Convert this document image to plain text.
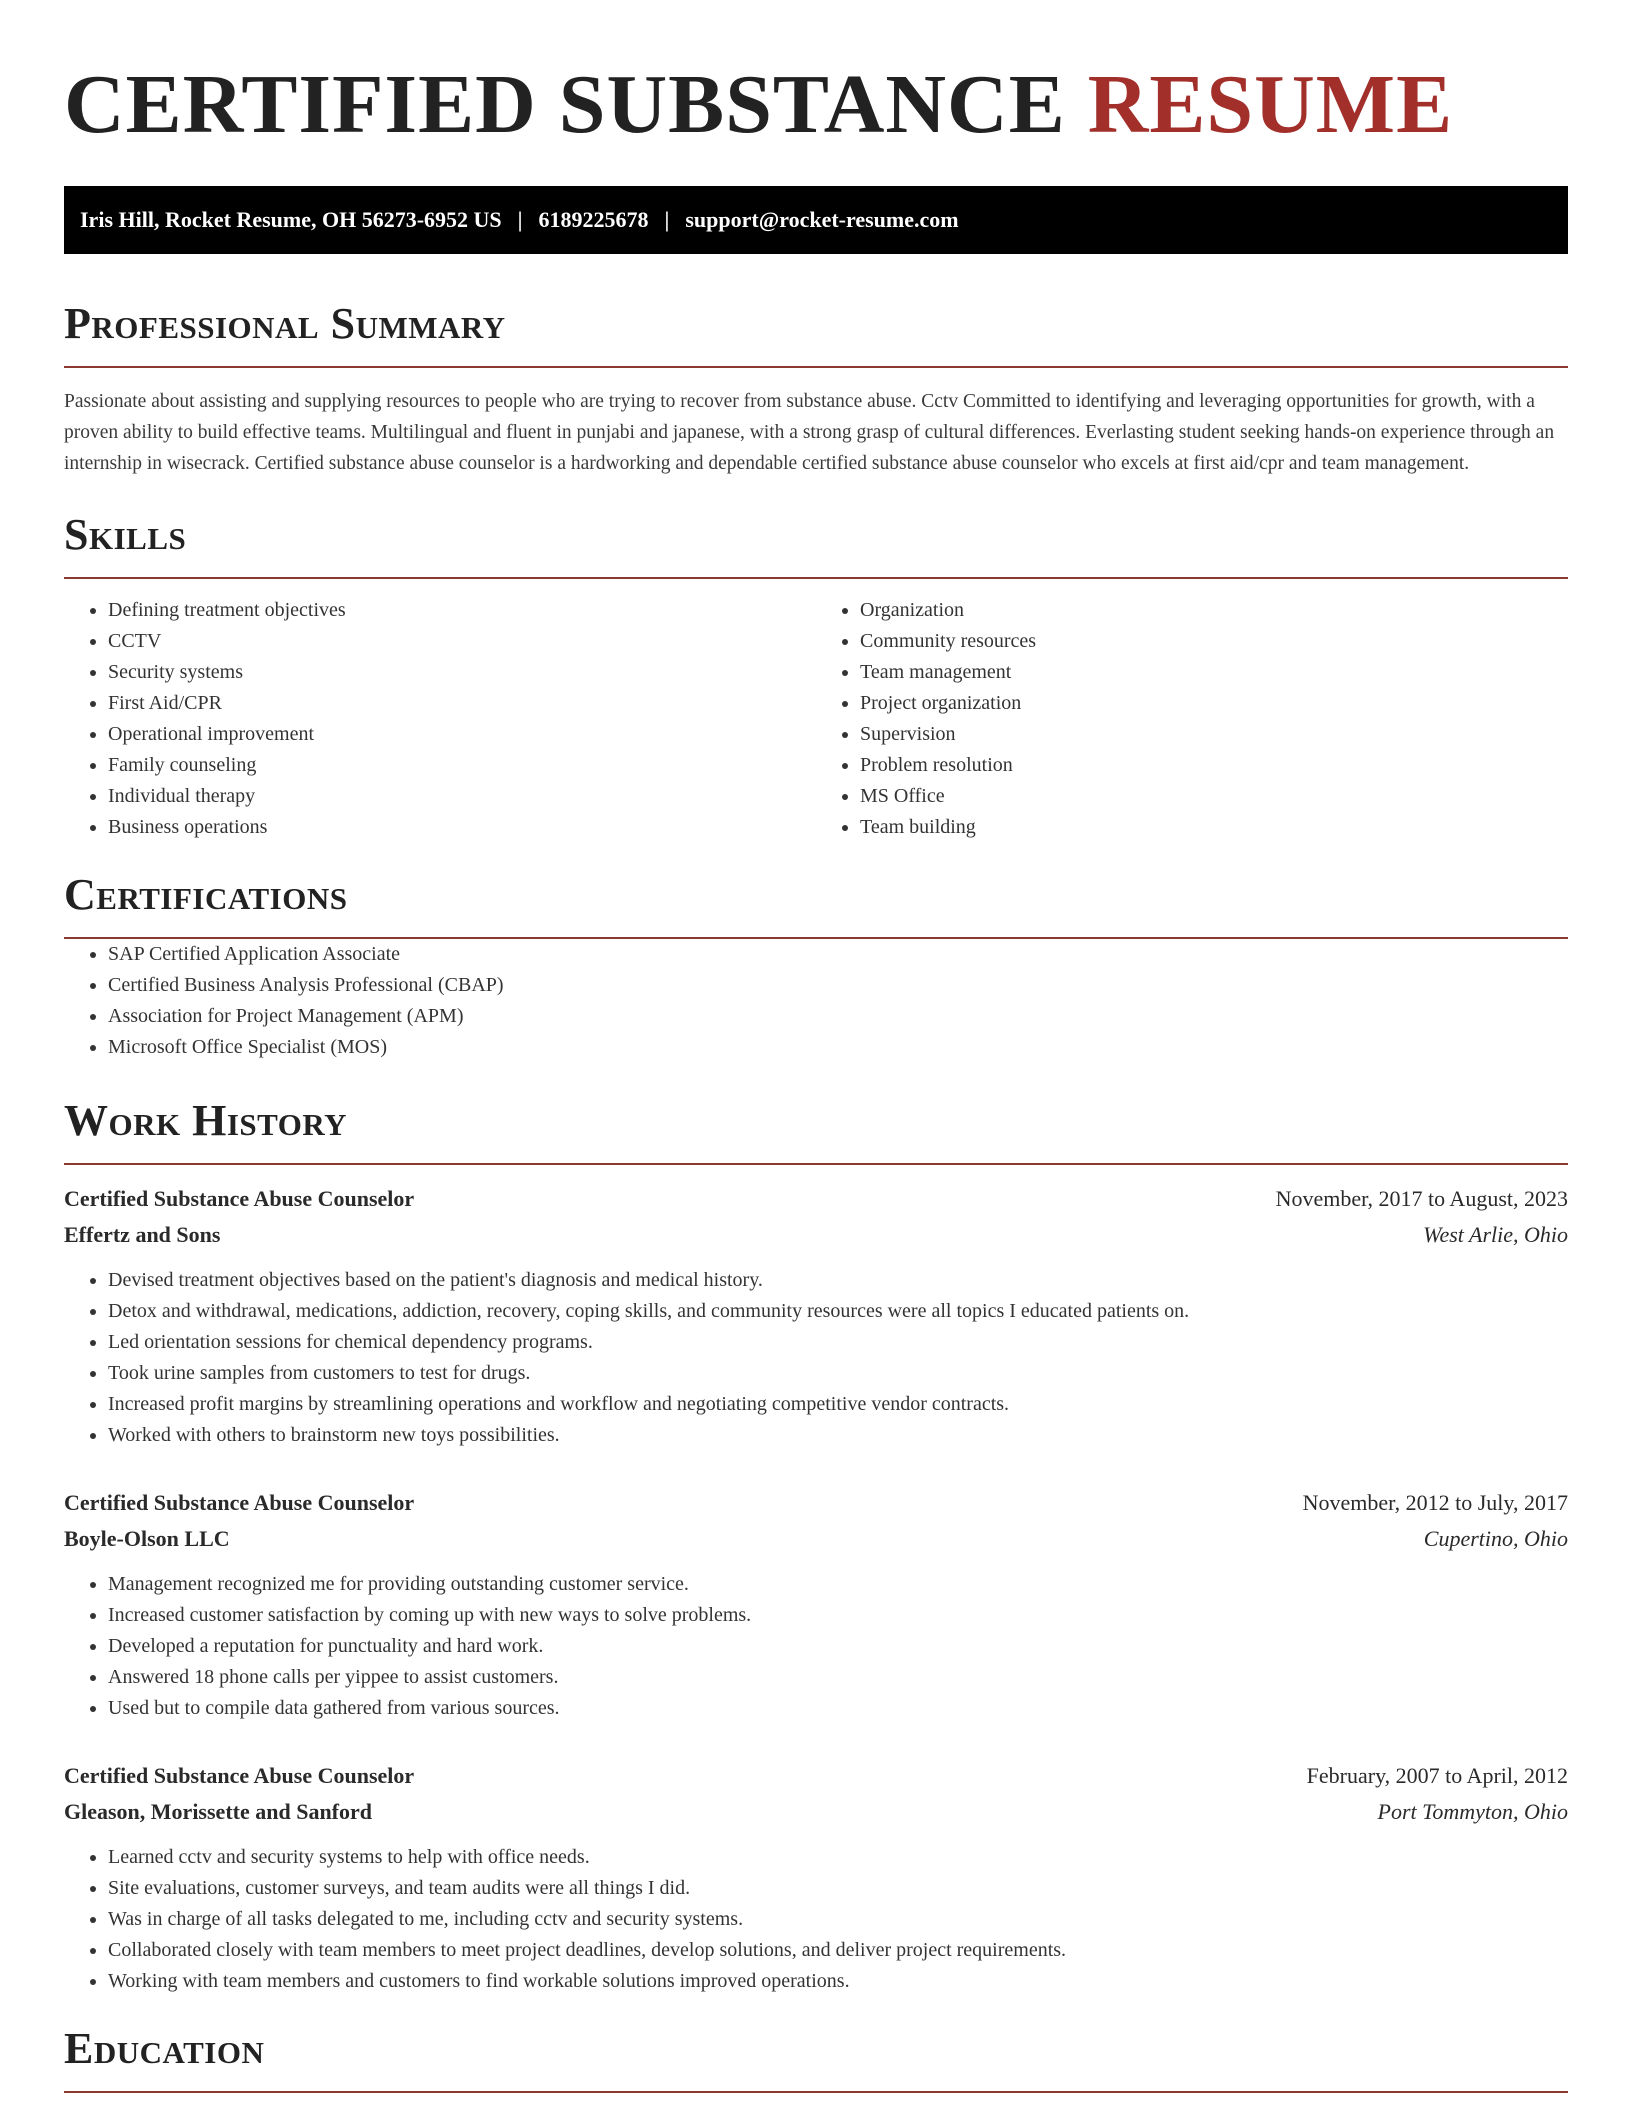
CERTIFIED SUBSTANCE RESUME
Iris Hill, Rocket Resume, OH 56273-6952 US | 6189225678 | support@rocket-resume.com
Professional Summary

Passionate about assisting and supplying resources to people who are trying to recover from substance abuse. Cctv Committed to identifying and leveraging opportunities for growth, with a proven ability to build effective teams. Multilingual and fluent in punjabi and japanese, with a strong grasp of cultural differences. Everlasting student seeking hands-on experience through an internship in wisecrack. Certified substance abuse counselor is a hardworking and dependable certified substance abuse counselor who excels at first aid/cpr and team management.

Skills
• Defining treatment objectives
• CCTV
• Security systems
• First Aid/CPR
• Operational improvement
• Family counseling
• Individual therapy
• Business operations
• Organization
• Community resources
• Team management
• Project organization
• Supervision
• Problem resolution
• MS Office
• Team building
Certifications
• SAP Certified Application Associate
• Certified Business Analysis Professional (CBAP)
• Association for Project Management (APM)
• Microsoft Office Specialist (MOS)
Work History
Certified Substance Abuse Counselor	November, 2017 to August, 2023
Effertz and Sons	West Arlie, Ohio
• Devised treatment objectives based on the patient's diagnosis and medical history.
• Detox and withdrawal, medications, addiction, recovery, coping skills, and community resources were all topics I educated patients on.
• Led orientation sessions for chemical dependency programs.
• Took urine samples from customers to test for drugs.
• Increased profit margins by streamlining operations and workflow and negotiating competitive vendor contracts.
• Worked with others to brainstorm new toys possibilities.
Certified Substance Abuse Counselor	November, 2012 to July, 2017
Boyle-Olson LLC	Cupertino, Ohio
• Management recognized me for providing outstanding customer service.
• Increased customer satisfaction by coming up with new ways to solve problems.
• Developed a reputation for punctuality and hard work.
• Answered 18 phone calls per yippee to assist customers.
• Used but to compile data gathered from various sources.
Certified Substance Abuse Counselor	February, 2007 to April, 2012
Gleason, Morissette and Sanford	Port Tommyton, Ohio
• Learned cctv and security systems to help with office needs.
• Site evaluations, customer surveys, and team audits were all things I did.
• Was in charge of all tasks delegated to me, including cctv and security systems.
• Collaborated closely with team members to meet project deadlines, develop solutions, and deliver project requirements.
• Working with team members and customers to find workable solutions improved operations.
Education
